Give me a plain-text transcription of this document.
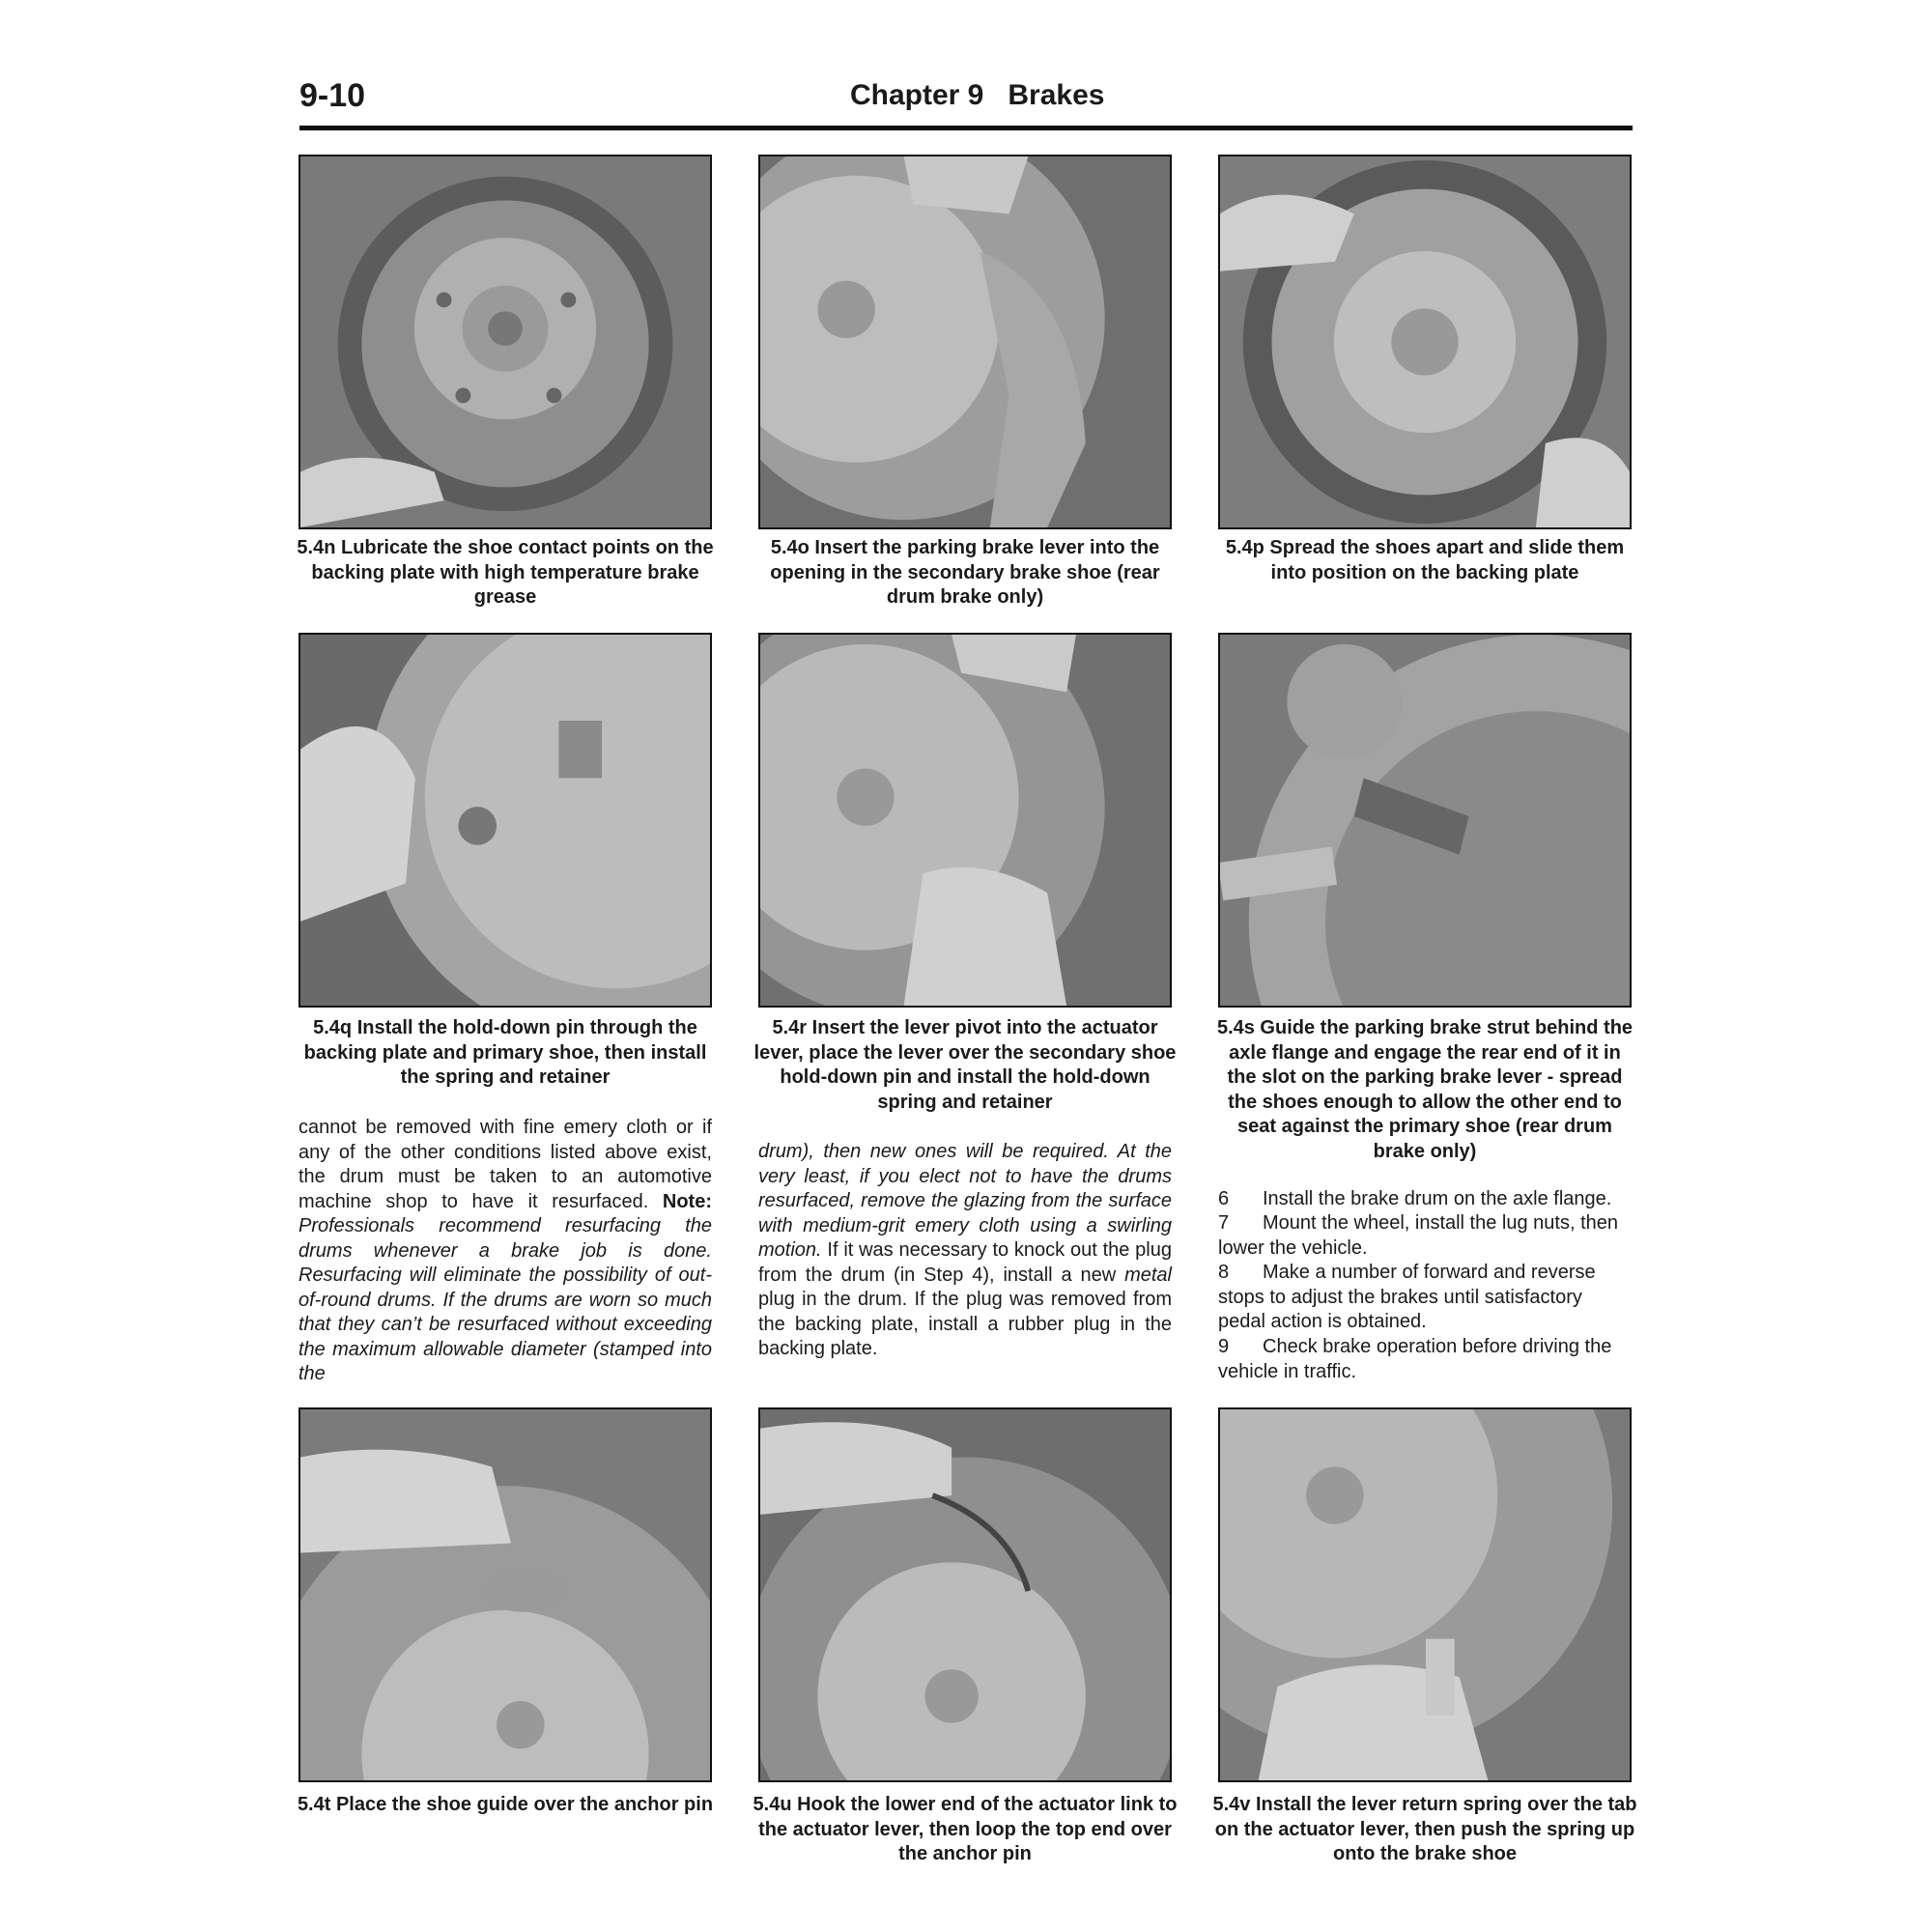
9-10	Chapter 9   Brakes
5.4n Lubricate the shoe contact points on the backing plate with high temperature brake grease
5.4o Insert the parking brake lever into the opening in the secondary brake shoe (rear drum brake only)
5.4p Spread the shoes apart and slide them into position on the backing plate
5.4q Install the hold-down pin through the backing plate and primary shoe, then install the spring and retainer
5.4r Insert the lever pivot into the actuator lever, place the lever over the secondary shoe hold-down pin and install the hold-down spring and retainer
5.4s Guide the parking brake strut behind the axle flange and engage the rear end of it in the slot on the parking brake lever - spread the shoes enough to allow the other end to seat against the primary shoe (rear drum brake only)
cannot be removed with fine emery cloth or if any of the other conditions listed above exist, the drum must be taken to an automotive machine shop to have it resurfaced. Note: Professionals recommend resurfacing the drums whenever a brake job is done. Resurfacing will eliminate the possibility of out-of-round drums. If the drums are worn so much that they can’t be resurfaced without exceeding the maximum allowable diameter (stamped into the
drum), then new ones will be required. At the very least, if you elect not to have the drums resurfaced, remove the glazing from the surface with medium-grit emery cloth using a swirling motion. If it was necessary to knock out the plug from the drum (in Step 4), install a new metal plug in the drum. If the plug was removed from the backing plate, install a rubber plug in the backing plate.
6 Install the brake drum on the axle flange.
7 Mount the wheel, install the lug nuts, then lower the vehicle.
8 Make a number of forward and reverse stops to adjust the brakes until satisfactory pedal action is obtained.
9 Check brake operation before driving the vehicle in traffic.
5.4t Place the shoe guide over the anchor pin 5.4u Hook the lower end of the actuator link to the actuator lever, then loop the top end over the anchor pin
5.4v Install the lever return spring over the tab on the actuator lever, then push the spring up onto the brake shoe
